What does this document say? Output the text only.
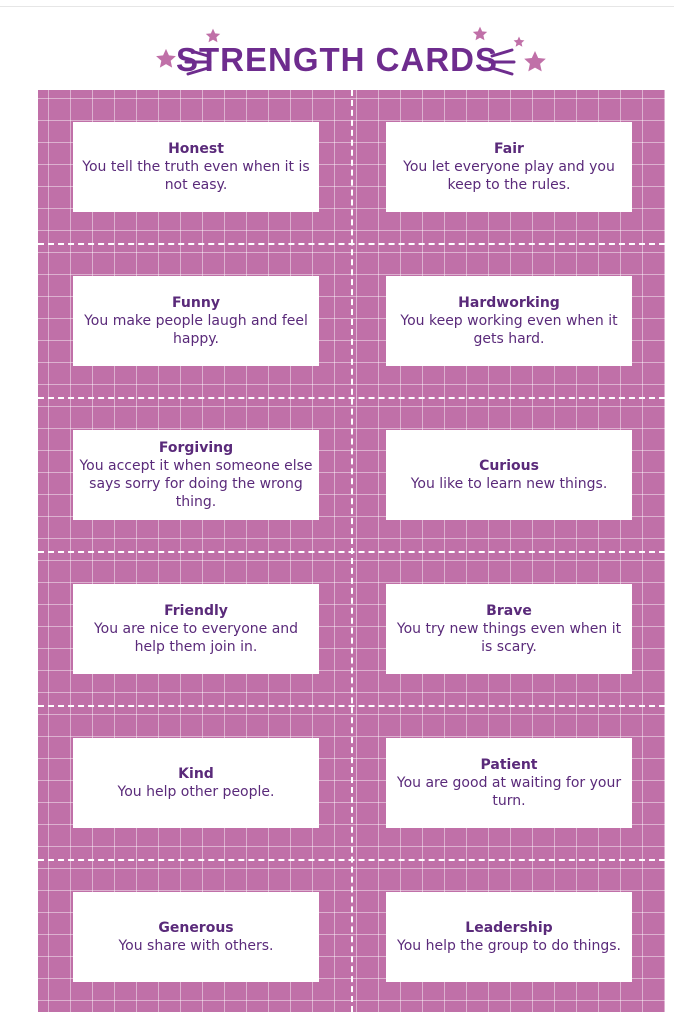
STRENGTH CARDS
Honest
You tell the truth even when it is not easy.
Fair
You let everyone play and you keep to the rules.
Funny
You make people laugh and feel happy.
Hardworking
You keep working even when it gets hard.
Forgiving
You accept it when someone else says sorry for doing the wrong thing.
Curious
You like to learn new things.
Friendly
You are nice to everyone and help them join in.
Brave
You try new things even when it is scary.
Kind
You help other people.
Patient
You are good at waiting for your turn.
Generous
You share with others.
Leadership
You help the group to do things.
